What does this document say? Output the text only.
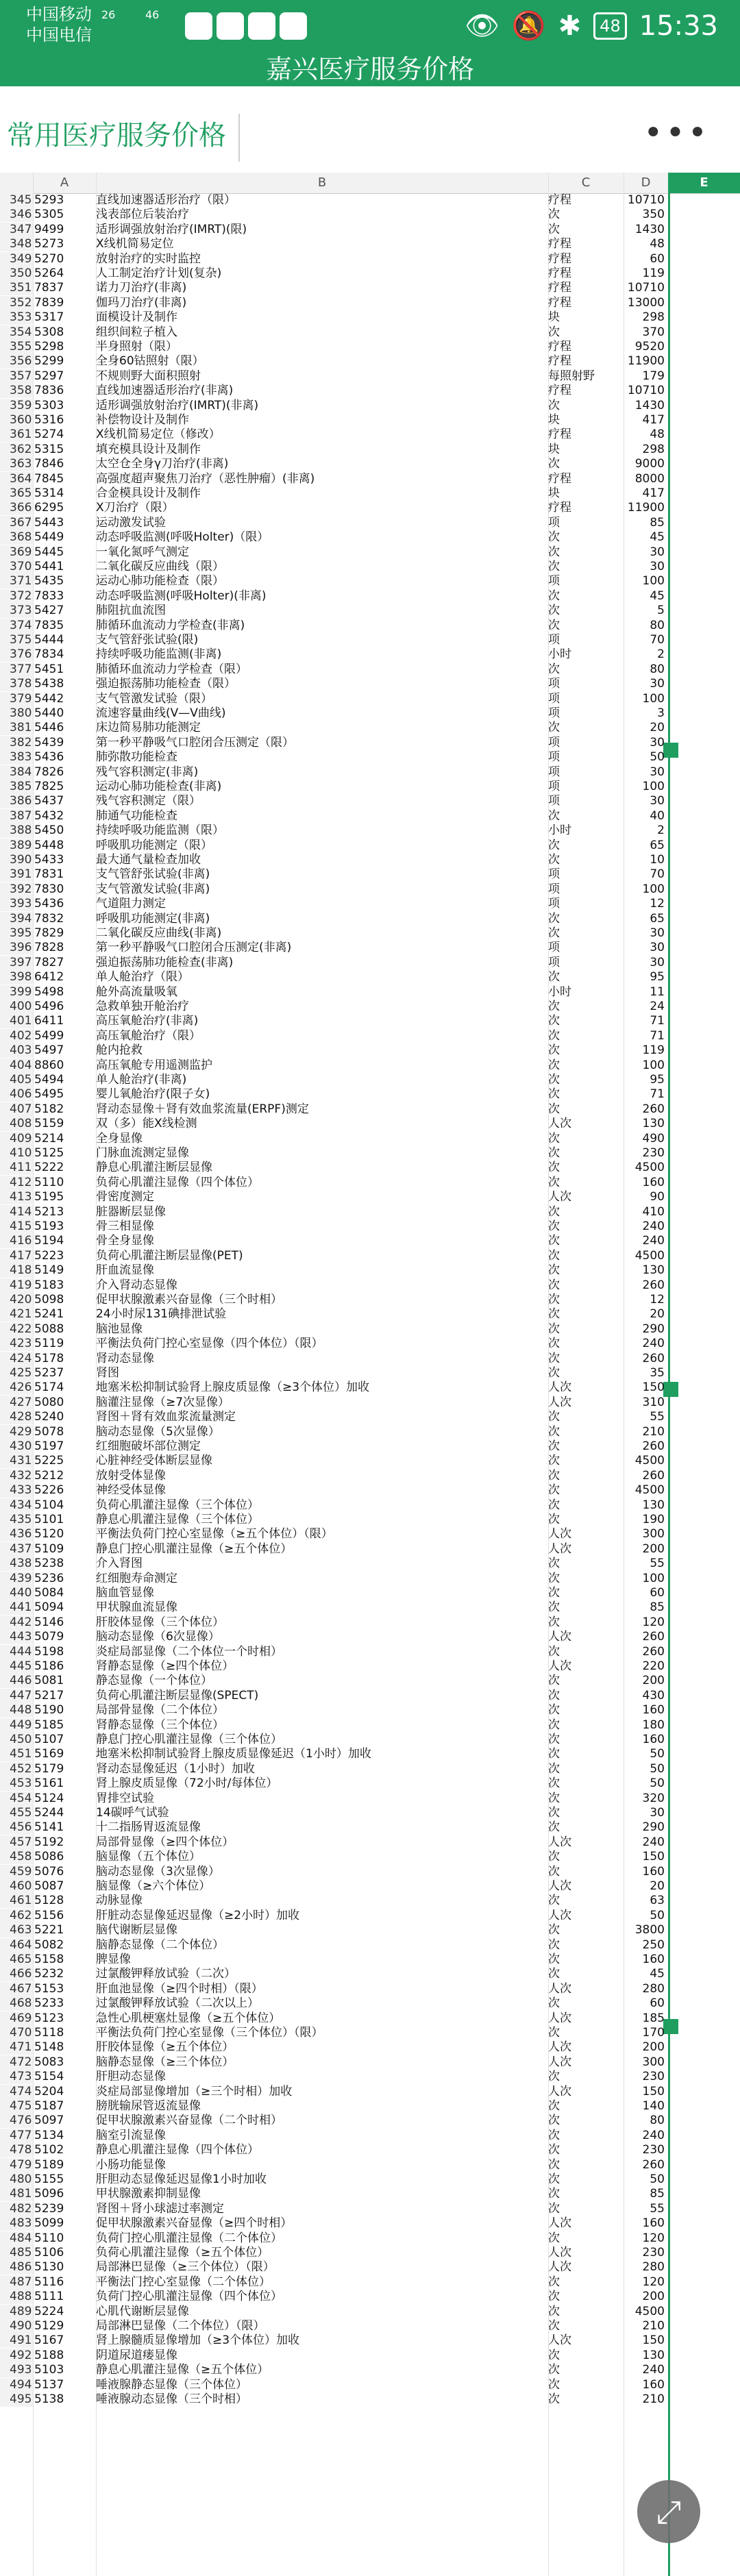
中国移动
中国电信
26	46	👁 🔕 ✱	48 15:33
嘉兴医疗服务价格
常用医疗服务价格	•••
A	B	C	D	E
345 5293	直线加速器适形治疗（限）	疗程	10710
346 5305	浅表部位后装治疗	次	350
347 9499	适形调强放射治疗(IMRT)(限)	次	1430
348 5273	X线机简易定位	疗程	48
349 5270	放射治疗的实时监控	疗程	60
350 5264	人工制定治疗计划(复杂)	疗程	119
351 7837	诺力刀治疗(非离)	疗程	10710
352 7839	伽玛刀治疗(非离)	疗程	13000
353 5317	面模设计及制作	块	298
354 5308	组织间粒子植入	次	370
355 5298	半身照射（限）	疗程	9520
356 5299	全身60钴照射（限）	疗程	11900
357 5297	不规则野大面积照射	每照射野	179
358 7836	直线加速器适形治疗(非离)	疗程	10710
359 5303	适形调强放射治疗(IMRT)(非离)	次	1430
360 5316	补偿物设计及制作	块	417
361 5274	X线机简易定位（修改）	疗程	48
362 5315	填充模具设计及制作	块	298
363 7846	太空仓全身γ刀治疗(非离)	次	9000
364 7845	高强度超声聚焦刀治疗（恶性肿瘤）(非离)	疗程	8000
365 5314	合金模具设计及制作	块	417
366 6295	X刀治疗（限）	疗程	11900
367 5443	运动激发试验	项	85
368 5449	动态呼吸监测(呼吸Holter)（限）	次	45
369 5445	一氧化氮呼气测定	次	30
370 5441	二氧化碳反应曲线（限）	次	30
371 5435	运动心肺功能检查（限）	项	100
372 7833	动态呼吸监测(呼吸Holter)(非离)	次	45
373 5427	肺阻抗血流图	次	5
374 7835	肺循环血流动力学检查(非离)	次	80
375 5444	支气管舒张试验(限)	项	70
376 7834	持续呼吸功能监测(非离)	小时	2
377 5451	肺循环血流动力学检查（限）	次	80
378 5438	强迫振荡肺功能检查（限）	项	30
379 5442	支气管激发试验（限）	项	100
380 5440	流速容量曲线(V—V曲线)	项	3
381 5446	床边简易肺功能测定	次	20
382 5439	第一秒平静吸气口腔闭合压测定（限）	项	30
383 5436	肺弥散功能检查	项	50
384 7826	残气容积测定(非离)	项	30
385 7825	运动心肺功能检查(非离)	项	100
386 5437	残气容积测定（限）	项	30
387 5432	肺通气功能检查	次	40
388 5450	持续呼吸功能监测（限）	小时	2
389 5448	呼吸肌功能测定（限）	次	65
390 5433	最大通气量检查加收	次	10
391 7831	支气管舒张试验(非离)	项	70
392 7830	支气管激发试验(非离)	项	100
393 5436	气道阻力测定	项	12
394 7832	呼吸肌功能测定(非离)	次	65
395 7829	二氧化碳反应曲线(非离)	次	30
396 7828	第一秒平静吸气口腔闭合压测定(非离)	项	30
397 7827	强迫振荡肺功能检查(非离)	项	30
398 6412	单人舱治疗（限）	次	95
399 5498	舱外高流量吸氧	小时	11
400 5496	急救单独开舱治疗	次	24
401 6411	高压氧舱治疗(非离)	次	71
402 5499	高压氧舱治疗（限）	次	71
403 5497	舱内抢救	次	119
404 8860	高压氧舱专用遥测监护	次	100
405 5494	单人舱治疗(非离)	次	95
406 5495	婴儿氧舱治疗(限子女)	次	71
407 5182	肾动态显像＋肾有效血浆流量(ERPF)测定	次	260
408 5159	双（多）能X线检测	人次	130
409 5214	全身显像	次	490
410 5125	门脉血流测定显像	次	230
411 5222	静息心肌灌注断层显像	次	4500
412 5110	负荷心肌灌注显像（四个体位）	次	160
413 5195	骨密度测定	人次	90
414 5213	脏器断层显像	次	410
415 5193	骨三相显像	次	240
416 5194	骨全身显像	次	240
417 5223	负荷心肌灌注断层显像(PET)	次	4500
418 5149	肝血流显像	次	130
419 5183	介入肾动态显像	次	260
420 5098	促甲状腺激素兴奋显像（三个时相）	次	12
421 5241	24小时尿131碘排泄试验	次	20
422 5088	脑池显像	次	290
423 5119	平衡法负荷门控心室显像（四个体位）（限）	次	240
424 5178	肾动态显像	次	260
425 5237	肾图	次	35
426 5174	地塞米松抑制试验肾上腺皮质显像（≥3个体位）加收	人次	150
427 5080	脑灌注显像（≥7次显像）	人次	310
428 5240	肾图＋肾有效血浆流量测定	次	55
429 5078	脑动态显像（5次显像）	次	210
430 5197	红细胞破坏部位测定	次	260
431 5225	心脏神经受体断层显像	次	4500
432 5212	放射受体显像	次	260
433 5226	神经受体显像	次	4500
434 5104	负荷心肌灌注显像（三个体位）	次	130
435 5101	静息心肌灌注显像（三个体位）	次	190
436 5120	平衡法负荷门控心室显像（≥五个体位）（限）	人次	300
437 5109	静息门控心肌灌注显像（≥五个体位）	人次	200
438 5238	介入肾图	次	55
439 5236	红细胞寿命测定	次	100
440 5084	脑血管显像	次	60
441 5094	甲状腺血流显像	次	85
442 5146	肝胶体显像（三个体位）	次	120
443 5079	脑动态显像（6次显像）	人次	260
444 5198	炎症局部显像（二个体位一个时相）	次	260
445 5186	肾静态显像（≥四个体位）	人次	220
446 5081	静态显像（一个体位）	次	200
447 5217	负荷心肌灌注断层显像(SPECT)	次	430
448 5190	局部骨显像（二个体位）	次	160
449 5185	肾静态显像（三个体位）	次	180
450 5107	静息门控心肌灌注显像（三个体位）	次	160
451 5169	地塞米松抑制试验肾上腺皮质显像延迟（1小时）加收	次	50
452 5179	肾动态显像延迟（1小时）加收	次	50
453 5161	肾上腺皮质显像（72小时/每体位）	次	50
454 5124	胃排空试验	次	320
455 5244	14碳呼气试验	次	30
456 5141	十二指肠胃返流显像	次	290
457 5192	局部骨显像（≥四个体位）	人次	240
458 5086	脑显像（五个体位）	次	150
459 5076	脑动态显像（3次显像）	次	160
460 5087	脑显像（≥六个体位）	人次	20
461 5128	动脉显像	次	63
462 5156	肝脏动态显像延迟显像（≥2小时）加收	人次	50
463 5221	脑代谢断层显像	次	3800
464 5082	脑静态显像（二个体位）	次	250
465 5158	脾显像	次	160
466 5232	过氯酸钾释放试验（二次）	次	45
467 5153	肝血池显像（≥四个时相）（限）	人次	280
468 5233	过氯酸钾释放试验（二次以上）	次	60
469 5123	急性心肌梗塞灶显像（≥五个体位）	人次	185
470 5118	平衡法负荷门控心室显像（三个体位）（限）	次	170
471 5148	肝胶体显像（≥五个体位）	人次	200
472 5083	脑静态显像（≥三个体位）	人次	300
473 5154	肝胆动态显像	次	230
474 5204	炎症局部显像增加（≥三个时相）加收	人次	150
475 5187	膀胱输尿管返流显像	次	140
476 5097	促甲状腺激素兴奋显像（二个时相）	次	80
477 5134	脑室引流显像	次	240
478 5102	静息心肌灌注显像（四个体位）	次	230
479 5189	小肠功能显像	次	260
480 5155	肝胆动态显像延迟显像1小时加收	次	50
481 5096	甲状腺激素抑制显像	次	85
482 5239	肾图＋肾小球滤过率测定	次	55
483 5099	促甲状腺激素兴奋显像（≥四个时相）	人次	160
484 5110	负荷门控心肌灌注显像（二个体位）	次	120
485 5106	负荷心肌灌注显像（≥五个体位）	人次	230
486 5130	局部淋巴显像（≥三个体位）（限）	人次	280
487 5116	平衡法门控心室显像（二个体位）	次	120
488 5111	负荷门控心肌灌注显像（四个体位）	次	200
489 5224	心肌代谢断层显像	次	4500
490 5129	局部淋巴显像（二个体位）（限）	次	210
491 5167	肾上腺髓质显像增加（≥3个体位）加收	人次	150
492 5188	阴道尿道瘘显像	次	130
493 5103	静息心肌灌注显像（≥五个体位）	次	240
494 5137	唾液腺静态显像（三个体位）	次	160
495 5138	唾液腺动态显像（三个时相）	次	210
⤢
